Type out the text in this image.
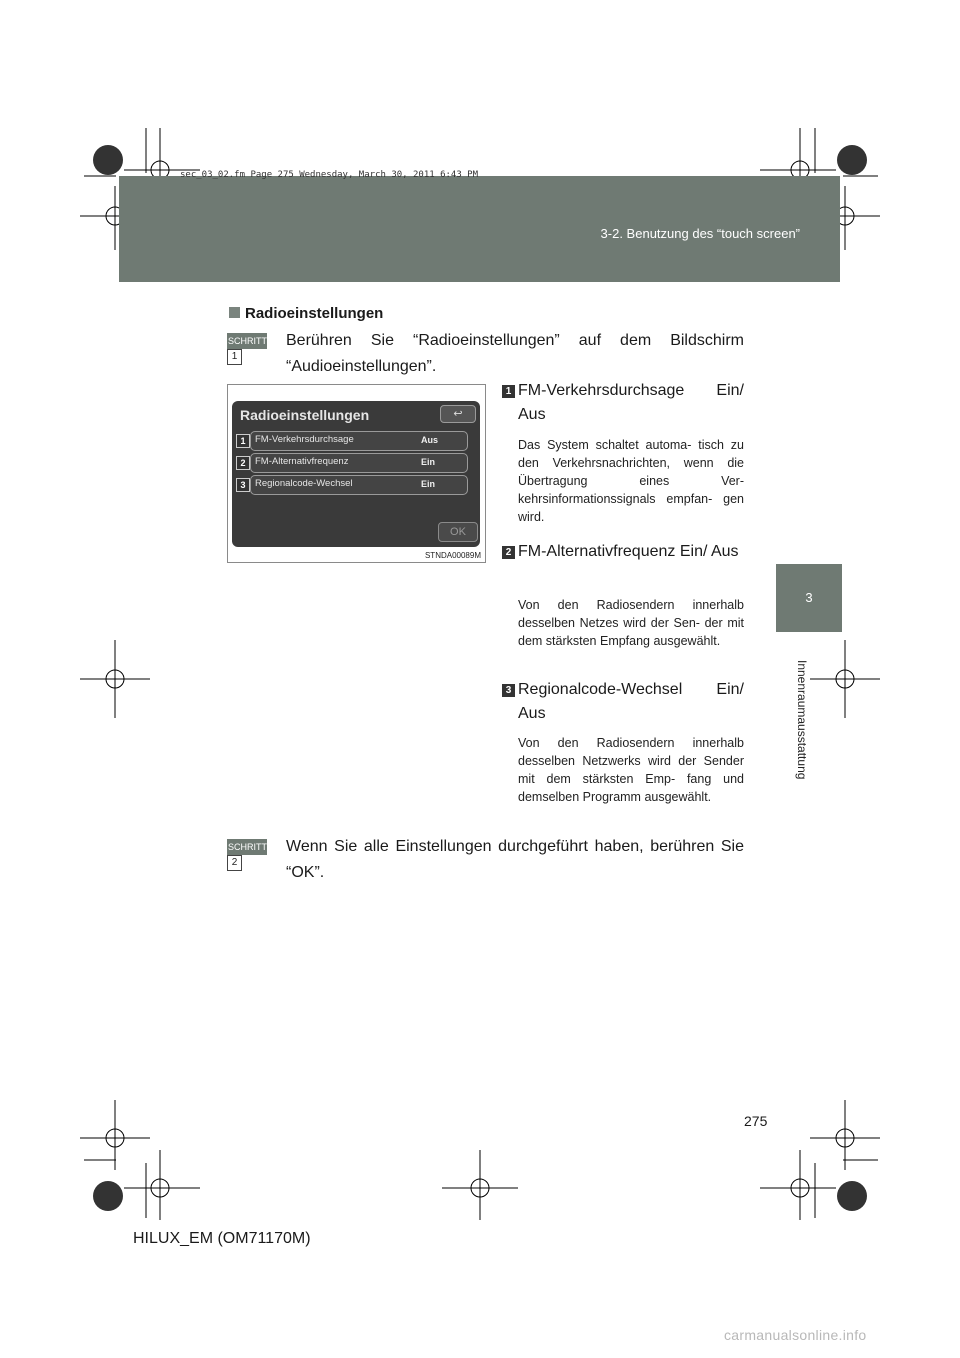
sec_03_02.fm Page 275 Wednesday, March 30, 2011 6:43 PM
3-2. Benutzung des “touch screen”
3
Innenraumausstattung
Radioeinstellungen
SCHRITT1
Berühren Sie “Radioeinstellungen” auf dem Bildschirm “Audioeinstellungen”.
Radioeinstellungen	↩
1	FM-Verkehrsdurchsage	Aus
2	FM-Alternativfrequenz	Ein
3	Regionalcode-Wechsel	Ein
OK
STNDA00089M
1 FM-Verkehrsdurchsage Ein/ Aus
Das System schaltet automa- tisch zu den Verkehrsnachrichten, wenn die Übertragung eines Ver- kehrsinformationssignals empfan- gen wird.
2 FM-Alternativfrequenz Ein/ Aus
Von den Radiosendern innerhalb desselben Netzes wird der Sen- der mit dem stärksten Empfang ausgewählt.
3 Regionalcode-Wechsel Ein/ Aus
Von den Radiosendern innerhalb desselben Netzwerks wird der Sender mit dem stärksten Emp- fang und demselben Programm ausgewählt.
SCHRITT2
Wenn Sie alle Einstellungen durchgeführt haben, berühren Sie “OK”.
275
HILUX_EM (OM71170M)
carmanualsonline.info
